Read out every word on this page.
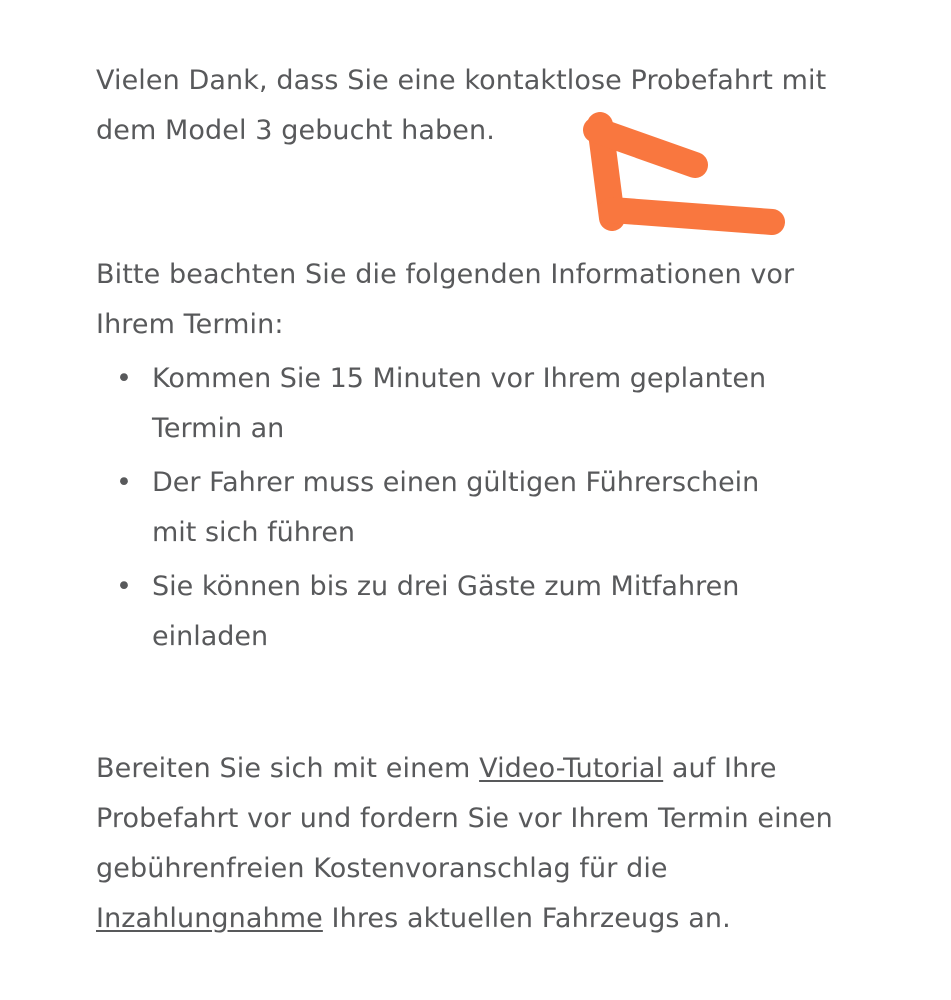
Vielen Dank, dass Sie eine kontaktlose Probefahrt mit dem Model 3 gebucht haben.

Bitte beachten Sie die folgenden Informationen vor Ihrem Termin:

• Kommen Sie 15 Minuten vor Ihrem geplanten Termin an
• Der Fahrer muss einen gültigen Führerschein mit sich führen
• Sie können bis zu drei Gäste zum Mitfahren einladen

Bereiten Sie sich mit einem Video-Tutorial auf Ihre Probefahrt vor und fordern Sie vor Ihrem Termin einen gebührenfreien Kostenvoranschlag für die Inzahlungnahme Ihres aktuellen Fahrzeugs an.
